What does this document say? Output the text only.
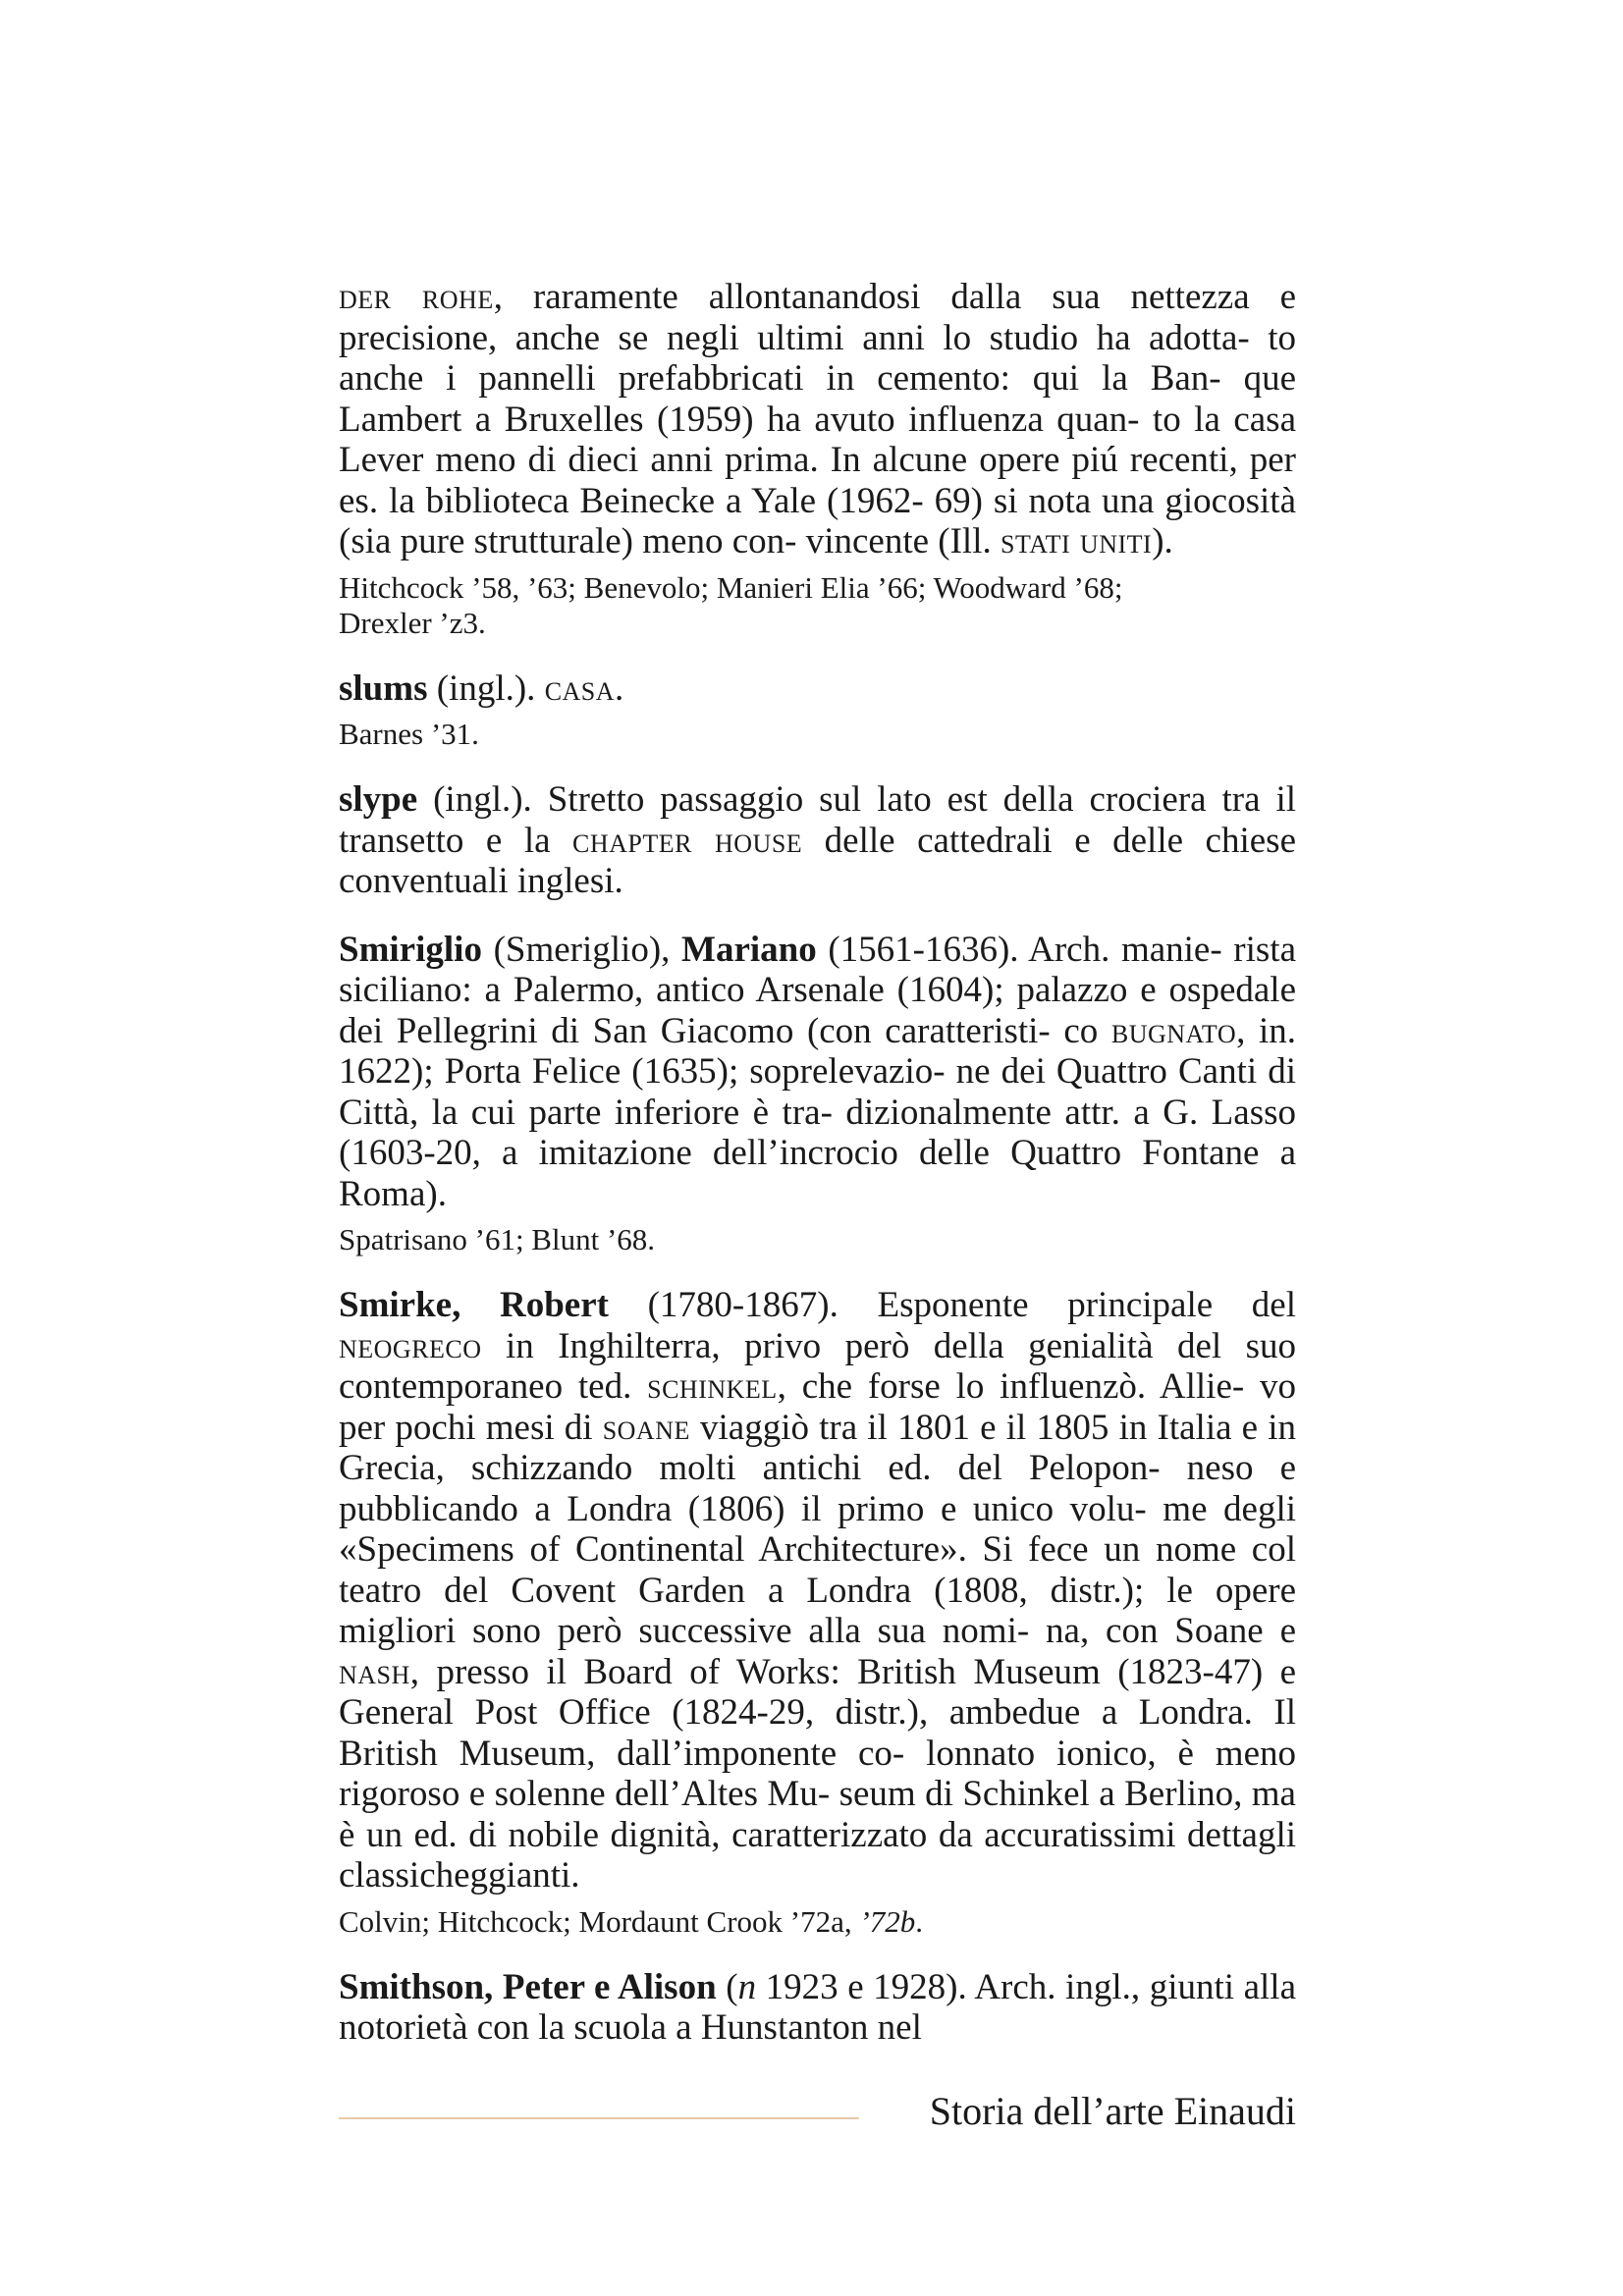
der rohe, raramente allontanandosi dalla sua nettezza e precisione, anche se negli ultimi anni lo studio ha adotta- to anche i pannelli prefabbricati in cemento: qui la Ban- que Lambert a Bruxelles (1959) ha avuto influenza quan- to la casa Lever meno di dieci anni prima. In alcune opere piú recenti, per es. la biblioteca Beinecke a Yale (1962- 69) si nota una giocosità (sia pure strutturale) meno con- vincente (Ill. stati uniti).

Hitchcock ’58, ’63; Benevolo; Manieri Elia ’66; Woodward ’68;
Drexler ’z3.

slums (ingl.). casa.

Barnes ’31.

slype (ingl.). Stretto passaggio sul lato est della crociera tra il transetto e la chapter house delle cattedrali e delle chiese conventuali inglesi.

Smiriglio (Smeriglio), Mariano (1561-1636). Arch. manie- rista siciliano: a Palermo, antico Arsenale (1604); palazzo e ospedale dei Pellegrini di San Giacomo (con caratteristi- co bugnato, in. 1622); Porta Felice (1635); soprelevazio- ne dei Quattro Canti di Città, la cui parte inferiore è tra- dizionalmente attr. a G. Lasso (1603-20, a imitazione dell’incrocio delle Quattro Fontane a Roma).

Spatrisano ’61; Blunt ’68.

Smirke, Robert (1780-1867). Esponente principale del neogreco in Inghilterra, privo però della genialità del suo contemporaneo ted. schinkel, che forse lo influenzò. Allie- vo per pochi mesi di soane viaggiò tra il 1801 e il 1805 in Italia e in Grecia, schizzando molti antichi ed. del Pelopon- neso e pubblicando a Londra (1806) il primo e unico volu- me degli «Specimens of Continental Architecture». Si fece un nome col teatro del Covent Garden a Londra (1808, distr.); le opere migliori sono però successive alla sua nomi- na, con Soane e nash, presso il Board of Works: British Museum (1823-47) e General Post Office (1824-29, distr.), ambedue a Londra. Il British Museum, dall’imponente co- lonnato ionico, è meno rigoroso e solenne dell’Altes Mu- seum di Schinkel a Berlino, ma è un ed. di nobile dignità, caratterizzato da accuratissimi dettagli classicheggianti.

Colvin; Hitchcock; Mordaunt Crook ’72a, ’72b.

Smithson, Peter e Alison (n 1923 e 1928). Arch. ingl., giunti alla notorietà con la scuola a Hunstanton nel

Storia dell’arte Einaudi
